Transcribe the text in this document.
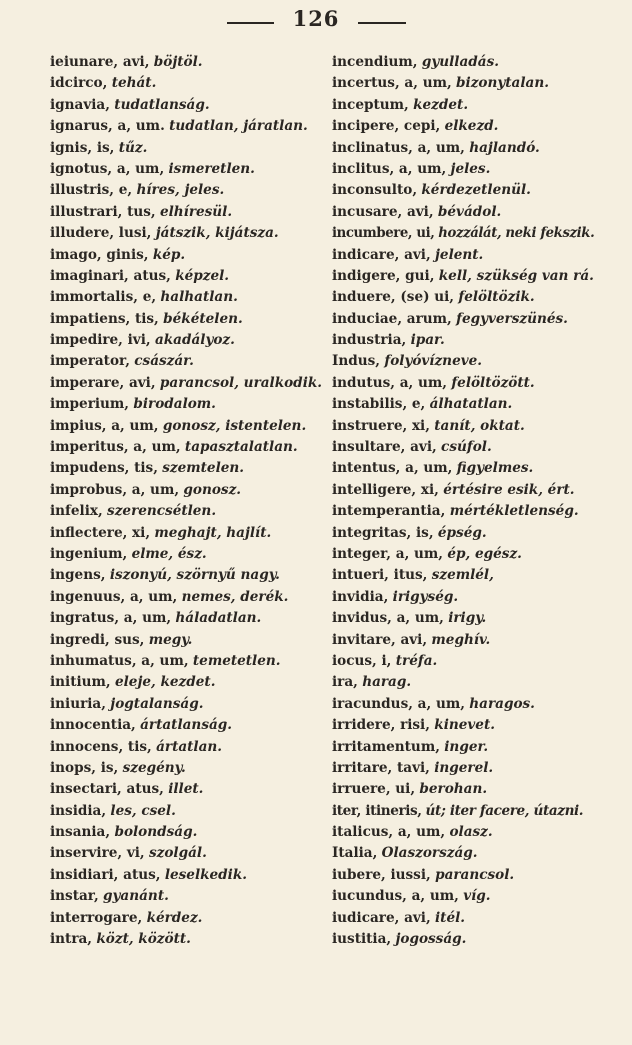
126
ieiunare, avi, böjtöl.
idcirco, tehát.
ignavia, tudatlanság.
ignarus, a, um. tudatlan, járatlan.
ignis, is, tűz.
ignotus, a, um, ismeretlen.
illustris, e, híres, jeles.
illustrari, tus, elhíresül.
illudere, lusi, játszik, kijátsza.
imago, ginis, kép.
imaginari, atus, képzel.
immortalis, e, halhatlan.
impatiens, tis, békételen.
impedire, ivi, akadályoz.
imperator, császár.
imperare, avi, parancsol, uralkodik.
imperium, birodalom.
impius, a, um, gonosz, istentelen.
imperitus, a, um, tapasztalatlan.
impudens, tis, szemtelen.
improbus, a, um, gonosz.
infelix, szerencsétlen.
inflectere, xi, meghajt, hajlít.
ingenium, elme, ész.
ingens, iszonyú, szörnyű nagy.
ingenuus, a, um, nemes, derék.
ingratus, a, um, háladatlan.
ingredi, sus, megy.
inhumatus, a, um, temetetlen.
initium, eleje, kezdet.
iniuria, jogtalanság.
innocentia, ártatlanság.
innocens, tis, ártatlan.
inops, is, szegény.
insectari, atus, illet.
insidia, les, csel.
insania, bolondság.
inservire, vi, szolgál.
insidiari, atus, leselkedik.
instar, gyanánt.
interrogare, kérdez.
intra, közt, között.
incendium, gyulladás.
incertus, a, um, bizonytalan.
inceptum, kezdet.
incipere, cepi, elkezd.
inclinatus, a, um, hajlandó.
inclitus, a, um, jeles.
inconsulto, kérdezetlenül.
incusare, avi, bévádol.
incumbere, ui, hozzálát, neki fekszik.
indicare, avi, jelent.
indigere, gui, kell, szükség van rá.
induere, (se) ui, felöltözik.
induciae, arum, fegyverszünés.
industria, ipar.
Indus, folyóvízneve.
indutus, a, um, felöltözött.
instabilis, e, álhatatlan.
instruere, xi, tanít, oktat.
insultare, avi, csúfol.
intentus, a, um, figyelmes.
intelligere, xi, értésire esik, ért.
intemperantia, mértékletlenség.
integritas, is, épség.
integer, a, um, ép, egész.
intueri, itus, szemlél,
invidia, irigység.
invidus, a, um, irigy.
invitare, avi, meghív.
iocus, i, tréfa.
ira, harag.
iracundus, a, um, haragos.
irridere, risi, kinevet.
irritamentum, inger.
irritare, tavi, ingerel.
irruere, ui, berohan.
iter, itineris, út; iter facere, útazni.
italicus, a, um, olasz.
Italia, Olaszország.
iubere, iussi, parancsol.
iucundus, a, um, víg.
iudicare, avi, itél.
iustitia, jogosság.
